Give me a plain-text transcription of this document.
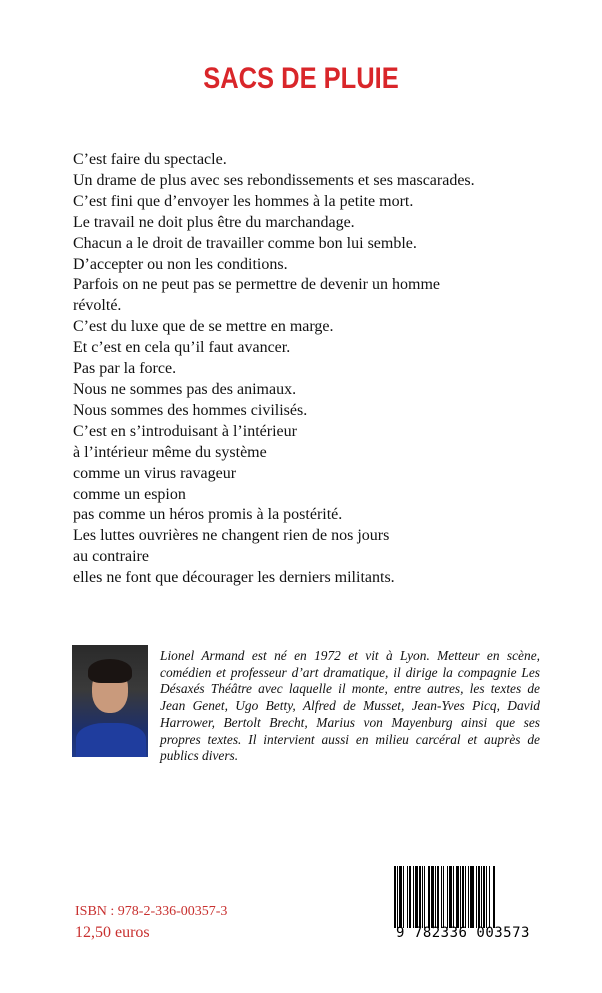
SACS DE PLUIE
C’est faire du spectacle.
Un drame de plus avec ses rebondissements et ses mascarades.
C’est fini que d’envoyer les hommes à la petite mort.
Le travail ne doit plus être du marchandage.
Chacun a le droit de travailler comme bon lui semble.
D’accepter ou non les conditions.
Parfois on ne peut pas se permettre de devenir un homme
révolté.
C’est du luxe que de se mettre en marge.
Et c’est en cela qu’il faut avancer.
Pas par la force.
Nous ne sommes pas des animaux.
Nous sommes des hommes civilisés.
C’est en s’introduisant à l’intérieur
à l’intérieur même du système
comme un virus ravageur
comme un espion
pas comme un héros promis à la postérité.
Les luttes ouvrières ne changent rien de nos jours
au contraire
elles ne font que décourager les derniers militants.
Lionel Armand est né en 1972 et vit à Lyon. Metteur en scène, comédien et professeur d’art dramatique, il dirige la compagnie Les Désaxés Théâtre avec laquelle il monte, entre autres, les textes de Jean Genet, Ugo Betty, Alfred de Musset, Jean-Yves Picq, David Harrower, Bertolt Brecht, Marius von Mayenburg ainsi que ses propres textes. Il intervient aussi en milieu carcéral et auprès de publics divers.
ISBN : 978-2-336-00357-3
12,50 euros	9 782336 003573
